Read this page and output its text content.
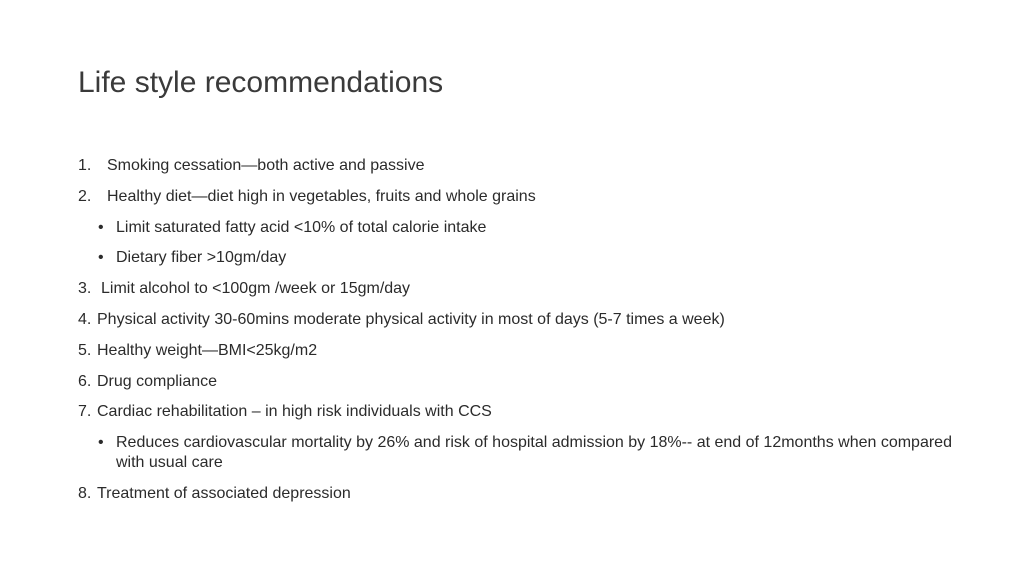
Life style recommendations
1. Smoking cessation—both active and passive
2. Healthy diet—diet high in vegetables, fruits and whole grains
• Limit saturated fatty acid <10% of total calorie intake
• Dietary fiber >10gm/day
3. Limit alcohol to <100gm /week or 15gm/day
4. Physical activity 30-60mins moderate physical activity in most of days (5-7 times a week)
5. Healthy weight—BMI<25kg/m2
6. Drug compliance
7. Cardiac rehabilitation – in high risk individuals with CCS
• Reduces cardiovascular mortality by 26% and risk of hospital admission by 18%-- at end of 12months when compared with usual care
8. Treatment of associated depression
